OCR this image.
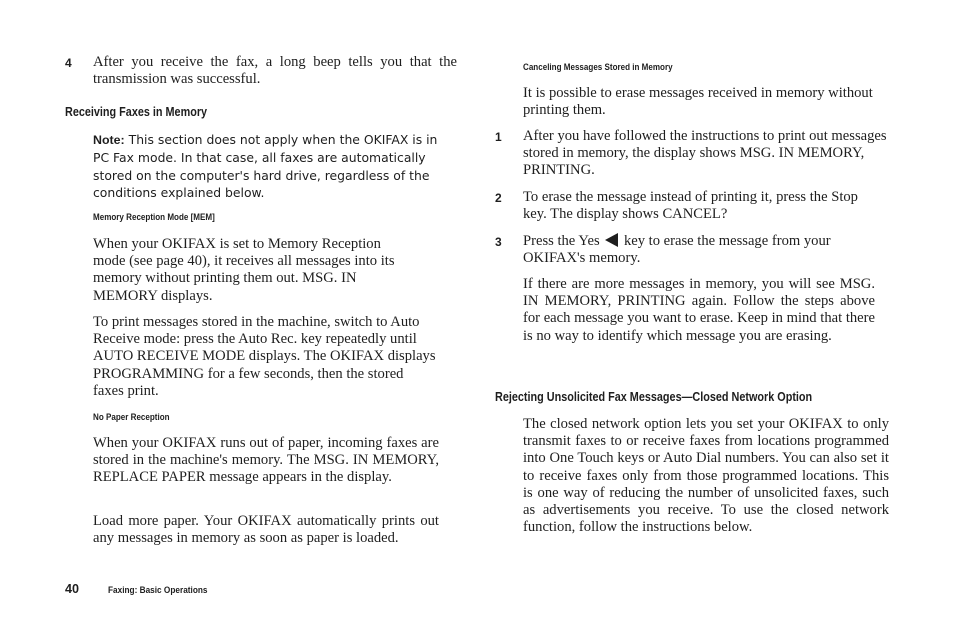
4 After you receive the fax, a long beep tells you that the transmission was successful.
Receiving Faxes in Memory
Note: This section does not apply when the OKIFAX is in PC Fax mode. In that case, all faxes are automatically stored on the computer's hard drive, regardless of the conditions explained below.
Memory Reception Mode [MEM]
When your OKIFAX is set to Memory Reception mode (see page 40), it receives all messages into its memory without printing them out. MSG. IN MEMORY displays.
To print messages stored in the machine, switch to Auto Receive mode: press the Auto Rec. key repeatedly until AUTO RECEIVE MODE displays. The OKIFAX displays PROGRAMMING for a few seconds, then the stored faxes print.
No Paper Reception
When your OKIFAX runs out of paper, incoming faxes are stored in the machine's memory. The MSG. IN MEMORY, REPLACE PAPER message appears in the display.
Load more paper. Your OKIFAX automatically prints out any messages in memory as soon as paper is loaded.
40	Faxing: Basic Operations
Canceling Messages Stored in Memory
It is possible to erase messages received in memory without printing them.
1 After you have followed the instructions to print out messages stored in memory, the display shows MSG. IN MEMORY, PRINTING.
2 To erase the message instead of printing it, press the Stop key. The display shows CANCEL?
3 Press the Yes key to erase the message from your OKIFAX's memory.
If there are more messages in memory, you will see MSG. IN MEMORY, PRINTING again. Follow the steps above for each message you want to erase. Keep in mind that there is no way to identify which message you are erasing.
Rejecting Unsolicited Fax Messages—Closed Network Option
The closed network option lets you set your OKIFAX to only transmit faxes to or receive faxes from locations programmed into One Touch keys or Auto Dial numbers. You can also set it to receive faxes only from those programmed locations. This is one way of reducing the number of unsolicited faxes, such as advertisements you receive. To use the closed network function, follow the instructions below.
